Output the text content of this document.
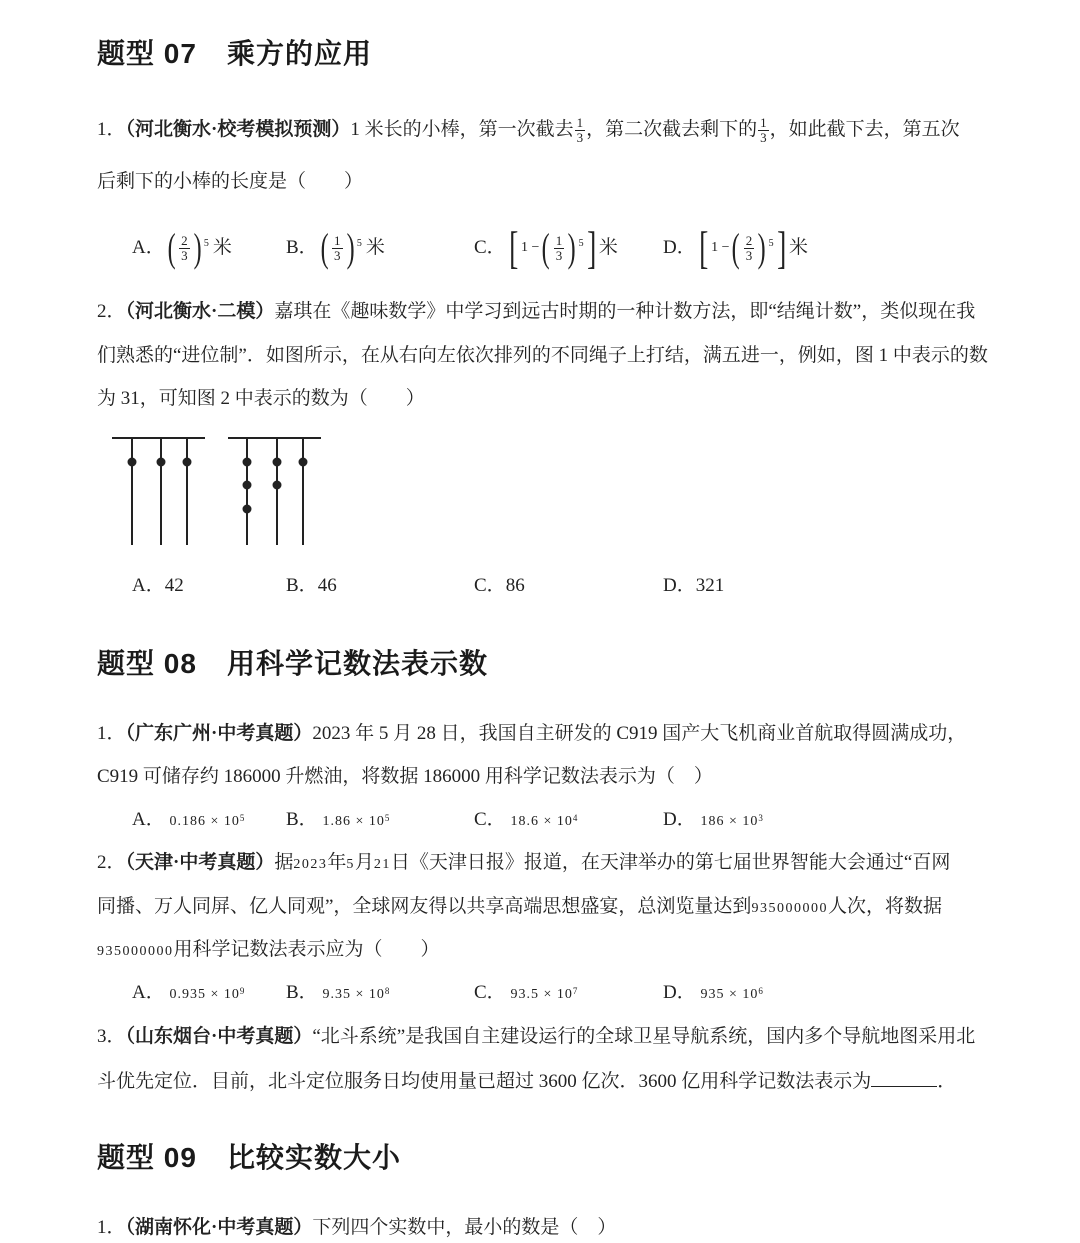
题型 07 乘方的应用
1．（河北衡水·校考模拟预测）1 米长的小棒，第一次截去 $\frac{1}{3}$ ，第二次截去剩下的 $\frac{1}{3}$ ，如此截下去，第五次
后剩下的小棒的长度是（　　）
A． ( $\frac{2}{3}$ ) $^5$ 米	B． ( $\frac{1}{3}$ ) $^5$ 米	C． [ 1 − ( $\frac{1}{3}$ ) $^5$ ] 米 D． [ 1 − ( $\frac{2}{3}$ ) $^5$ ] 米
2．（河北衡水·二模）嘉琪在《趣味数学》中学习到远古时期的一种计数方法，即“结绳计数”，类似现在我
们熟悉的“进位制”．如图所示，在从右向左依次排列的不同绳子上打结，满五进一，例如，图 1 中表示的数
为 31，可知图 2 中表示的数为（　　）
A．42	B．46	C．86	D．321
题型 08 用科学记数法表示数
1．（广东广州·中考真题）2023 年 5 月 28 日，我国自主研发的 C919 国产大飞机商业首航取得圆满成功，
C919 可储存约 186000 升燃油，将数据 186000 用科学记数法表示为（　）
A． $0.186 \times 10^5$ B． $1.86 \times 10^5$	C． $18.6 \times 10^4$	D． $186 \times 10^3$
2．（天津·中考真题）据2023年5月21日《天津日报》报道，在天津举办的第七届世界智能大会通过“百网
同播、万人同屏、亿人同观”，全球网友得以共享高端思想盛宴，总浏览量达到935000000人次，将数据
935000000用科学记数法表示应为（　　）
A． $0.935 \times 10^9$ B． $9.35 \times 10^8$	C． $93.5 \times 10^7$	D． $935 \times 10^6$
3．（山东烟台·中考真题）“北斗系统”是我国自主建设运行的全球卫星导航系统，国内多个导航地图采用北
斗优先定位．目前，北斗定位服务日均使用量已超过 3600 亿次．3600 亿用科学记数法表示为	．
题型 09 比较实数大小
1．（湖南怀化·中考真题）下列四个实数中，最小的数是（　）
